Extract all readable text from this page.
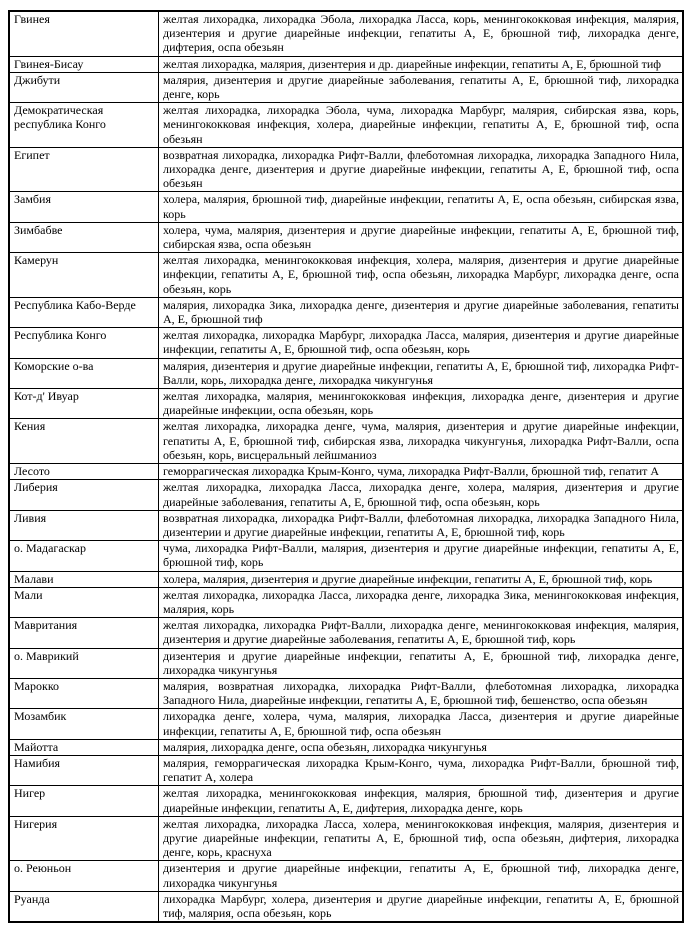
Гвинея	желтая лихорадка, лихорадка Эбола, лихорадка Ласса, корь, менингококковая инфекция, малярия, дизентерия и другие диарейные инфекции, гепатиты А, Е, брюшной тиф, лихорадка денге, дифтерия, оспа обезьян
Гвинея-Бисау	желтая лихорадка, малярия, дизентерия и др. диарейные инфекции, гепатиты А, Е, брюшной тиф
Джибути	малярия, дизентерия и другие диарейные заболевания, гепатиты А, Е, брюшной тиф, лихорадка денге, корь
Демократическая республика Конго	желтая лихорадка, лихорадка Эбола, чума, лихорадка Марбург, малярия, сибирская язва, корь, менингококковая инфекция, холера, диарейные инфекции, гепатиты А, Е, брюшной тиф, оспа обезьян
Египет	возвратная лихорадка, лихорадка Рифт-Валли, флеботомная лихорадка, лихорадка Западного Нила, лихорадка денге, дизентерия и другие диарейные инфекции, гепатиты А, Е, брюшной тиф, оспа обезьян
Замбия	холера, малярия, брюшной тиф, диарейные инфекции, гепатиты А, Е, оспа обезьян, сибирская язва, корь
Зимбабве	холера, чума, малярия, дизентерия и другие диарейные инфекции, гепатиты А, Е, брюшной тиф, сибирская язва, оспа обезьян
Камерун	желтая лихорадка, менингококковая инфекция, холера, малярия, дизентерия и другие диарейные инфекции, гепатиты А, Е, брюшной тиф, оспа обезьян, лихорадка Марбург, лихорадка денге, оспа обезьян, корь
Республика Кабо-Верде	малярия, лихорадка Зика, лихорадка денге, дизентерия и другие диарейные заболевания, гепатиты А, Е, брюшной тиф
Республика Конго	желтая лихорадка, лихорадка Марбург, лихорадка Ласса, малярия, дизентерия и другие диарейные инфекции, гепатиты А, Е, брюшной тиф, оспа обезьян, корь
Коморские о-ва	малярия, дизентерия и другие диарейные инфекции, гепатиты А, Е, брюшной тиф, лихорадка Рифт-Валли, корь, лихорадка денге, лихорадка чикунгунья
Кот-д' Ивуар	желтая лихорадка, малярия, менингококковая инфекция, лихорадка денге, дизентерия и другие диарейные инфекции, оспа обезьян, корь
Кения	желтая лихорадка, лихорадка денге, чума, малярия, дизентерия и другие диарейные инфекции, гепатиты А, Е, брюшной тиф, сибирская язва, лихорадка чикунгунья, лихорадка Рифт-Валли, оспа обезьян, корь, висцеральный лейшманиоз
Лесото	геморрагическая лихорадка Крым-Конго, чума, лихорадка Рифт-Валли, брюшной тиф, гепатит А
Либерия	желтая лихорадка, лихорадка Ласса, лихорадка денге, холера, малярия, дизентерия и другие диарейные заболевания, гепатиты А, Е, брюшной тиф, оспа обезьян, корь
Ливия	возвратная лихорадка, лихорадка Рифт-Валли, флеботомная лихорадка, лихорадка Западного Нила, дизентерии и другие диарейные инфекции, гепатиты А, Е, брюшной тиф, корь
о. Мадагаскар	чума, лихорадка Рифт-Валли, малярия, дизентерия и другие диарейные инфекции, гепатиты А, Е, брюшной тиф, корь
Малави	холера, малярия, дизентерия и другие диарейные инфекции, гепатиты А, Е, брюшной тиф, корь
Мали	желтая лихорадка, лихорадка Ласса, лихорадка денге, лихорадка Зика, менингококковая инфекция, малярия, корь
Мавритания	желтая лихорадка, лихорадка Рифт-Валли, лихорадка денге, менингококковая инфекция, малярия, дизентерия и другие диарейные заболевания, гепатиты А, Е, брюшной тиф, корь
о. Маврикий	дизентерия и другие диарейные инфекции, гепатиты А, Е, брюшной тиф, лихорадка денге, лихорадка чикунгунья
Марокко	малярия, возвратная лихорадка, лихорадка Рифт-Валли, флеботомная лихорадка, лихорадка Западного Нила, диарейные инфекции, гепатиты А, Е, брюшной тиф, бешенство, оспа обезьян
Мозамбик	лихорадка денге, холера, чума, малярия, лихорадка Ласса, дизентерия и другие диарейные инфекции, гепатиты А, Е, брюшной тиф, оспа обезьян
Майотта	малярия, лихорадка денге, оспа обезьян, лихорадка чикунгунья
Намибия	малярия, геморрагическая лихорадка Крым-Конго, чума, лихорадка Рифт-Валли, брюшной тиф, гепатит А, холера
Нигер	желтая лихорадка, менингококковая инфекция, малярия, брюшной тиф, дизентерия и другие диарейные инфекции, гепатиты А, Е, дифтерия, лихорадка денге, корь
Нигерия	желтая лихорадка, лихорадка Ласса, холера, менингококковая инфекция, малярия, дизентерия и другие диарейные инфекции, гепатиты А, Е, брюшной тиф, оспа обезьян, дифтерия, лихорадка денге, корь, краснуха
о. Реюньон	дизентерия и другие диарейные инфекции, гепатиты А, Е, брюшной тиф, лихорадка денге, лихорадка чикунгунья
Руанда	лихорадка Марбург, холера, дизентерия и другие диарейные инфекции, гепатиты А, Е, брюшной тиф, малярия, оспа обезьян, корь
